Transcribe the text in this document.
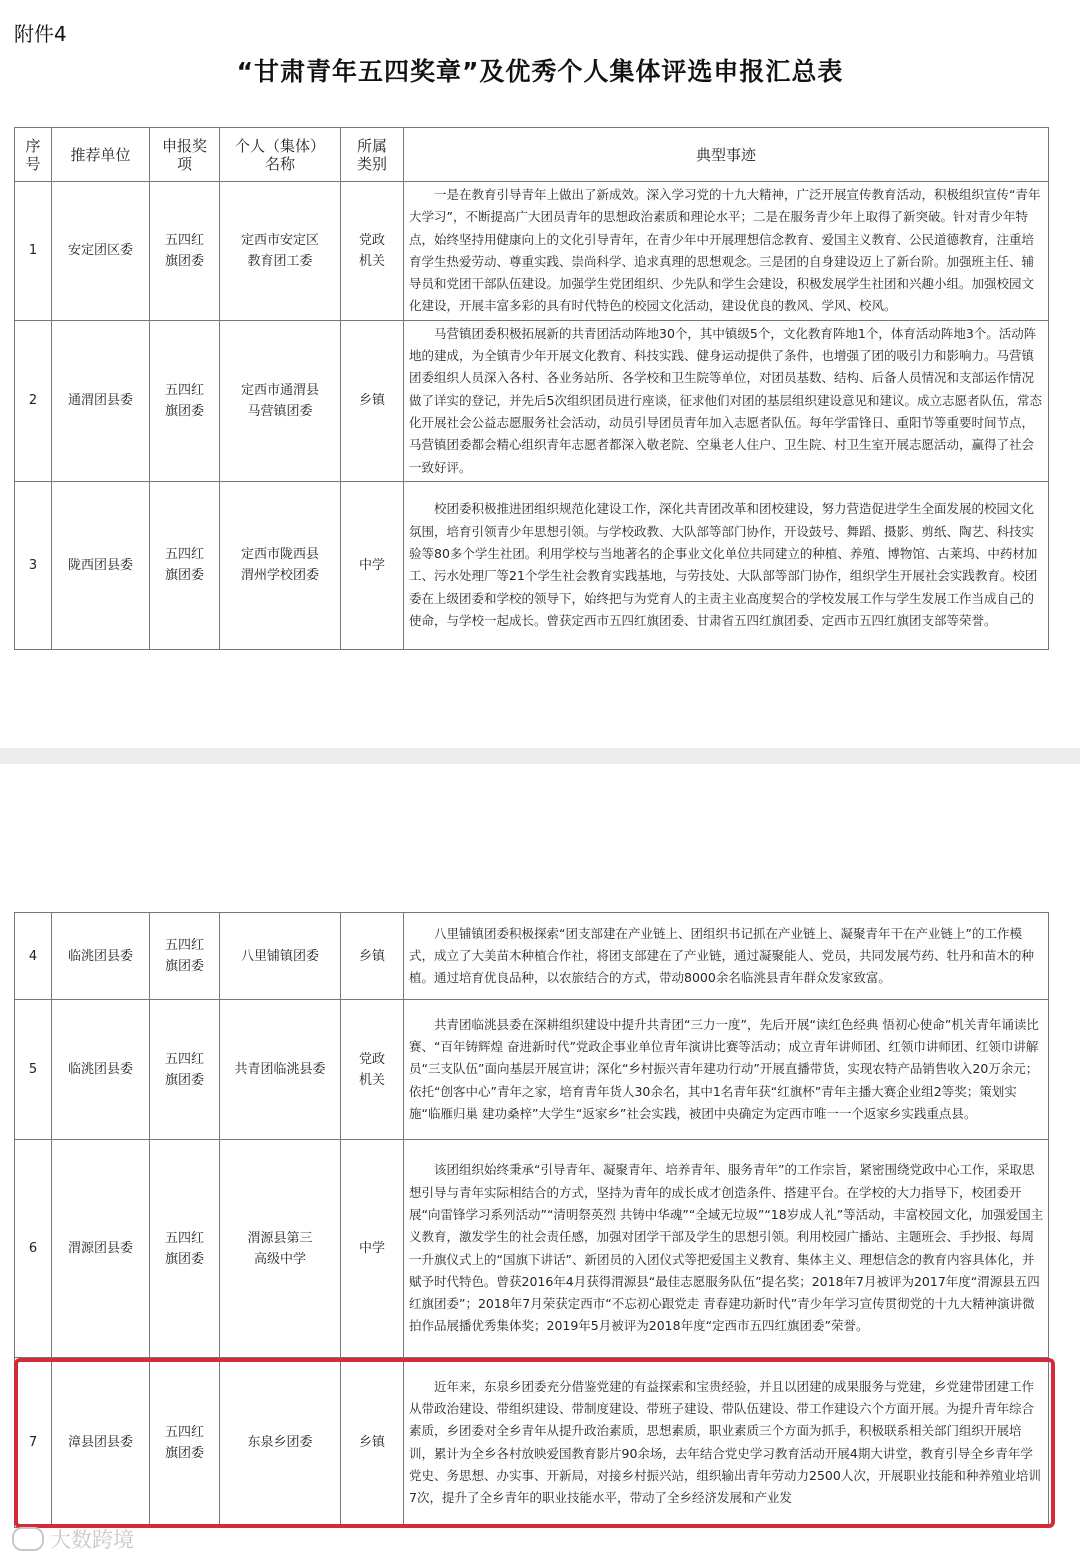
附件4
“甘肃青年五四奖章”及优秀个人集体评选申报汇总表
序号	推荐单位	申报奖项	个人（集体）名称	所属类别	典型事迹
1	安定团区委	五四红旗团委	定西市安定区教育团工委	党政机关	一是在教育引导青年上做出了新成效。深入学习党的十九大精神，广泛开展宣传教育活动，积极组织宣传“青年大学习”，不断提高广大团员青年的思想政治素质和理论水平；二是在服务青少年上取得了新突破。针对青少年特点，始终坚持用健康向上的文化引导青年，在青少年中开展理想信念教育、爱国主义教育、公民道德教育，注重培育学生热爱劳动、尊重实践、崇尚科学、追求真理的思想观念。三是团的自身建设迈上了新台阶。加强班主任、辅导员和党团干部队伍建设。加强学生党团组织、少先队和学生会建设，积极发展学生社团和兴趣小组。加强校园文化建设，开展丰富多彩的具有时代特色的校园文化活动，建设优良的教风、学风、校风。
2	通渭团县委	五四红旗团委	定西市通渭县马营镇团委	乡镇	马营镇团委积极拓展新的共青团活动阵地30个，其中镇级5个，文化教育阵地1个，体育活动阵地3个。活动阵地的建成，为全镇青少年开展文化教育、科技实践、健身运动提供了条件，也增强了团的吸引力和影响力。马营镇团委组织人员深入各村、各业务站所、各学校和卫生院等单位，对团员基数、结构、后备人员情况和支部运作情况做了详实的登记，并先后5次组织团员进行座谈，征求他们对团的基层组织建设意见和建议。成立志愿者队伍，常态化开展社会公益志愿服务社会活动，动员引导团员青年加入志愿者队伍。每年学雷锋日、重阳节等重要时间节点，马营镇团委都会精心组织青年志愿者都深入敬老院、空巢老人住户、卫生院、村卫生室开展志愿活动，赢得了社会一致好评。
3	陇西团县委	五四红旗团委	定西市陇西县渭州学校团委	中学	校团委积极推进团组织规范化建设工作，深化共青团改革和团校建设，努力营造促进学生全面发展的校园文化氛围，培育引领青少年思想引领。与学校政教、大队部等部门协作，开设鼓号、舞蹈、摄影、剪纸、陶艺、科技实验等80多个学生社团。利用学校与当地著名的企事业文化单位共同建立的种植、养殖、博物馆、古莱坞、中药材加工、污水处理厂等21个学生社会教育实践基地，与劳技处、大队部等部门协作，组织学生开展社会实践教育。校团委在上级团委和学校的领导下，始终把与为党育人的主责主业高度契合的学校发展工作与学生发展工作当成自己的使命，与学校一起成长。曾获定西市五四红旗团委、甘肃省五四红旗团委、定西市五四红旗团支部等荣誉。
4	临洮团县委	五四红旗团委	八里铺镇团委	乡镇	八里铺镇团委积极探索“团支部建在产业链上、团组织书记抓在产业链上、凝聚青年干在产业链上”的工作模式，成立了大美苗木种植合作社，将团支部建在了产业链，通过凝聚能人、党员，共同发展芍药、牡丹和苗木的种植。通过培育优良品种，以农旅结合的方式，带动8000余名临洮县青年群众发家致富。
5	临洮团县委	五四红旗团委	共青团临洮县委	党政机关	共青团临洮县委在深耕组织建设中提升共青团“三力一度”，先后开展“读红色经典 悟初心使命”机关青年诵读比赛、“百年铸辉煌 奋进新时代”党政企事业单位青年演讲比赛等活动；成立青年讲师团、红领巾讲师团、红领巾讲解员“三支队伍”面向基层开展宣讲；深化“乡村振兴青年建功行动”开展直播带货，实现农特产品销售收入20万余元；依托“创客中心”青年之家，培育青年货人30余名，其中1名青年获“红旗杯”青年主播大赛企业组2等奖；策划实施“临雁归巢 建功桑梓”大学生“返家乡”社会实践，被团中央确定为定西市唯一一个返家乡实践重点县。
6	渭源团县委	五四红旗团委	渭源县第三高级中学	中学	该团组织始终秉承“引导青年、凝聚青年、培养青年、服务青年”的工作宗旨，紧密围绕党政中心工作，采取思想引导与青年实际相结合的方式，坚持为青年的成长成才创造条件、搭建平台。在学校的大力指导下，校团委开展“向雷锋学习系列活动”“清明祭英烈 共铸中华魂”“全域无垃圾”“18岁成人礼”等活动，丰富校园文化，加强爱国主义教育，激发学生的社会责任感，加强对团学干部及学生的思想引领。利用校园广播站、主题班会、手抄报、每周一升旗仪式上的“国旗下讲话”、新团员的入团仪式等把爱国主义教育、集体主义、理想信念的教育内容具体化，并赋予时代特色。曾获2016年4月获得渭源县“最佳志愿服务队伍”提名奖；2018年7月被评为2017年度“渭源县五四红旗团委”；2018年7月荣获定西市“不忘初心跟党走 青春建功新时代”青少年学习宣传贯彻党的十九大精神演讲微拍作品展播优秀集体奖；2019年5月被评为2018年度“定西市五四红旗团委”荣誉。
7	漳县团县委	五四红旗团委	东泉乡团委	乡镇	近年来，东泉乡团委充分借鉴党建的有益探索和宝贵经验，并且以团建的成果服务与党建，乡党建带团建工作从带政治建设、带组织建设、带制度建设、带班子建设、带队伍建设、带工作建设六个方面开展。为提升青年综合素质，乡团委对全乡青年从提升政治素质，思想素质，职业素质三个方面为抓手，积极联系相关部门组织开展培训，累计为全乡各村放映爱国教育影片90余场，去年结合党史学习教育活动开展4期大讲堂，教育引导全乡青年学党史、务思想、办实事、开新局，对接乡村振兴站，组织输出青年劳动力2500人次，开展职业技能和种养殖业培训7次，提升了全乡青年的职业技能水平，带动了全乡经济发展和产业发
大数跨境
